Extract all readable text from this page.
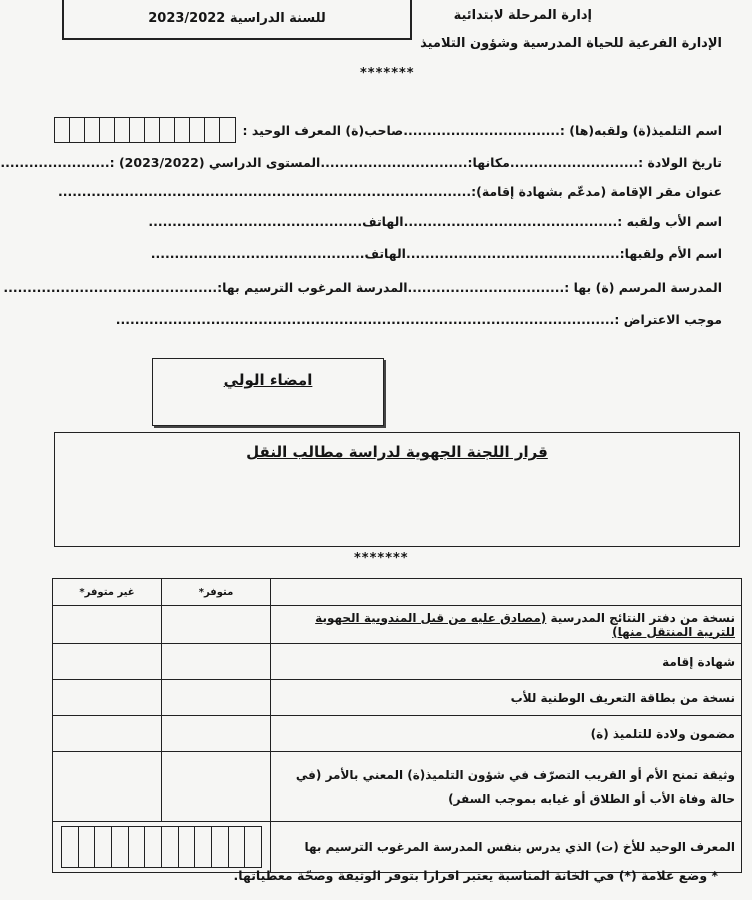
للسنة الدراسية 2023/2022	إدارة المرحلة لابتدائية
الإدارة الفرعية للحياة المدرسية وشؤون التلاميذ
*******
اسم التلميذ(ة) ولقبه(ها) :.................................صاحب(ة) المعرف الوحيد :
تاريخ الولادة :...........................مكانها:...............................المستوى الدراسي (2023/2022) :.......................
عنوان مقر الإقامة (مدعّم بشهادة إقامة):.......................................................................................
اسم الأب ولقبه :.............................................الهاتف.............................................
اسم الأم ولقبها:.............................................الهاتف.............................................
المدرسة المرسم (ة) بها :.................................المدرسة المرغوب الترسيم بها:.............................................
موجب الاعتراض :.........................................................................................................
امضاء الولي
قرار اللجنة الجهوية لدراسة مطالب النقل
*******
	متوفر*	غير متوفر*
نسخة من دفتر النتائج المدرسية (مصادق عليه من قبل المندوبية الجهوية للتربية المنتقل منها)		
شهادة إقامة		
نسخة من بطاقة التعريف الوطنية للأب		
مضمون ولادة للتلميذ (ة)		
وثيقة تمنح الأم أو القريب التصرّف في شؤون التلميذ(ة) المعني بالأمر (في حالة وفاة الأب أو الطلاق أو غيابه بموجب السفر)		
المعرف الوحيد للأخ (ت) الذي يدرس بنفس المدرسة المرغوب الترسيم بها		
* وضع علامة (*) في الخانة المناسبة يعتبر اقرارا بتوفر الوثيقة وصحّة معطياتها.
